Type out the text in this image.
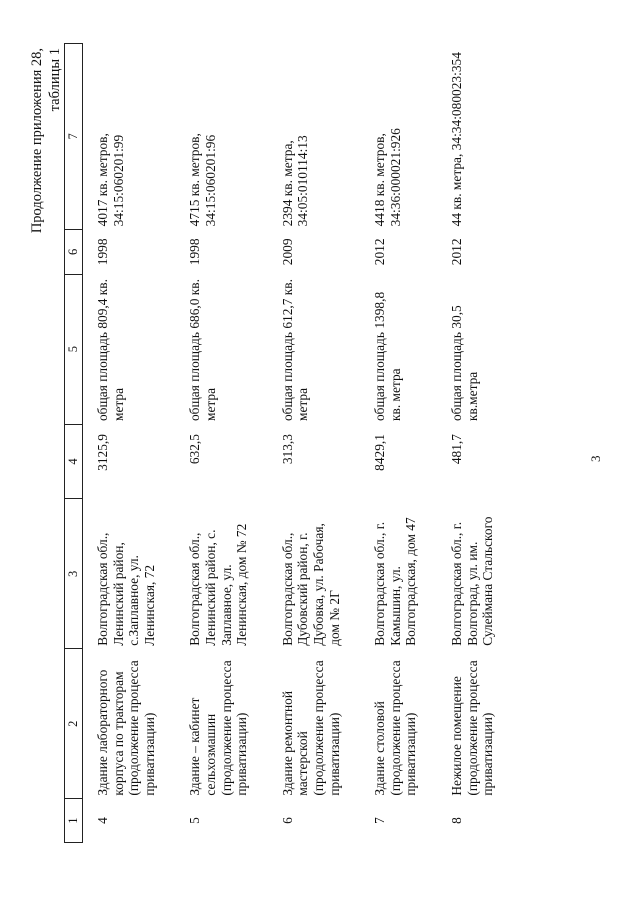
3
Продолжение приложения 28, таблицы 1
1	2	3	4	5	6	7
4	Здание лабораторного корпуса по тракторам (продолжение процесса приватизации)	Волгоградская обл., Ленинский район, с.Заплавное, ул. Ленинская, 72	3125,9	общая площадь 809,4 кв. метра	1998	4017 кв. метров, 34:15:060201:99
5	Здание – кабинет сельхозмашин (продолжение процесса приватизации)	Волгоградская обл., Ленинский район, с. Заплавное, ул. Ленинская, дом № 72	632,5	общая площадь 686,0 кв. метра	1998	4715 кв. метров, 34:15:060201:96
6	Здание ремонтной мастерской (продолжение процесса приватизации)	Волгоградская обл., Дубовский район, г. Дубовка, ул. Рабочая, дом № 2Г	313,3	общая площадь 612,7 кв. метра	2009	2394 кв. метра, 34:05:010114:13
7	Здание столовой (продолжение процесса приватизации)	Волгоградская обл., г. Камышин, ул. Волгоградская, дом 47	8429,1	общая площадь 1398,8 кв. метра	2012	4418 кв. метров, 34:36:000021:926
8	Нежилое помещение (продолжение процесса приватизации)	Волгоградская обл., г. Волгоград, ул. им. Сулеймана Стальского	481,7	общая площадь 30,5 кв.метра	2012	44 кв. метра, 34:34:080023:354
